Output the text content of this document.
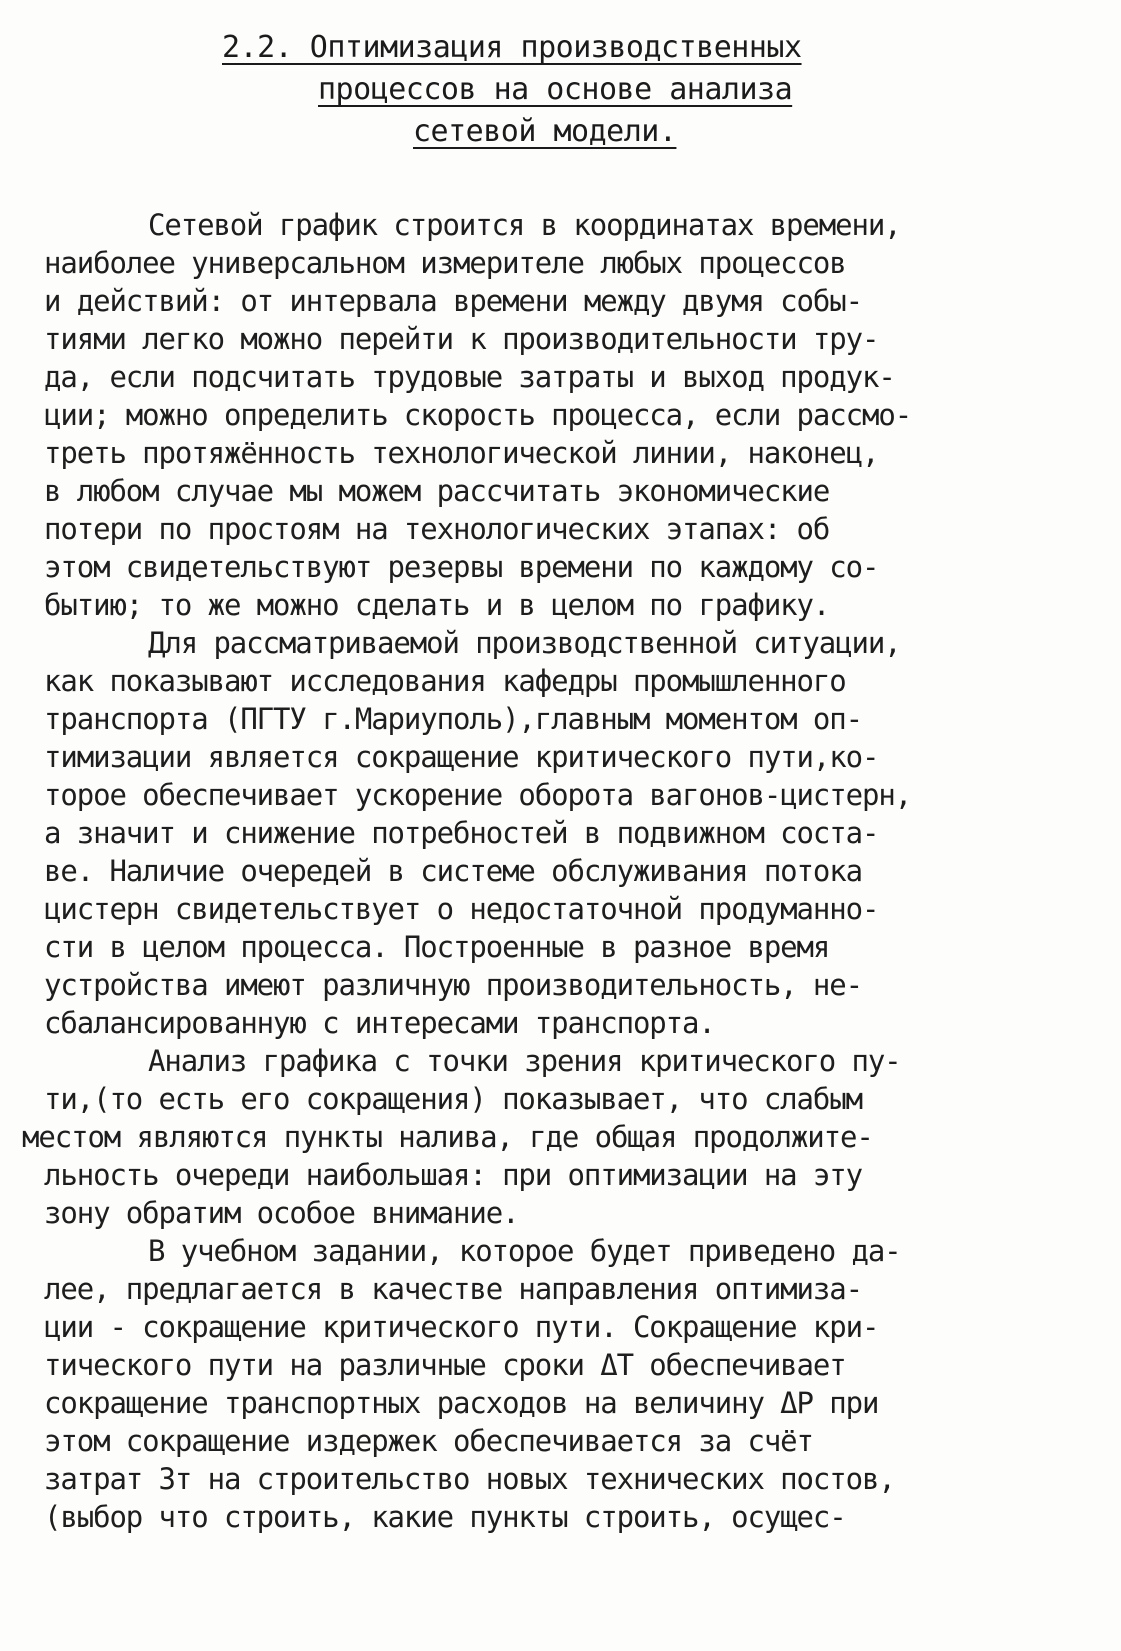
2.2. Оптимизация производственных
процессов на основе анализа
сетевой модели.
Сетевой график строится в координатах времени,
наиболее универсальном измерителе любых процессов
и действий: от интервала времени между двумя собы-
тиями легко можно перейти к производительности тру-
да, если подсчитать трудовые затраты и выход продук-
ции; можно определить скорость процесса, если рассмо-
треть протяжённость технологической линии, наконец,
в любом случае мы можем рассчитать экономические
потери по простоям на технологических этапах: об
этом свидетельствуют резервы времени по каждому со-
бытию; то же можно сделать и в целом по графику.
Для рассматриваемой производственной ситуации,
как показывают исследования кафедры промышленного
транспорта (ПГТУ г.Мариуполь),главным моментом оп-
тимизации является сокращение критического пути,ко-
торое обеспечивает ускорение оборота вагонов-цистерн,
а значит и снижение потребностей в подвижном соста-
ве. Наличие очередей в системе обслуживания потока
цистерн свидетельствует о недостаточной продуманно-
сти в целом процесса. Построенные в разное время
устройства имеют различную производительность, не-
сбалансированную с интересами транспорта.
Анализ графика с точки зрения критического пу-
ти,(то есть его сокращения) показывает, что слабым
местом являются пункты налива, где общая продолжите-
льность очереди наибольшая: при оптимизации на эту
зону обратим особое внимание.
В учебном задании, которое будет приведено да-
лее, предлагается в качестве направления оптимиза-
ции - сокращение критического пути. Сокращение кри-
тического пути на различные сроки ΔТ обеспечивает
сокращение транспортных расходов на величину ΔР при
этом сокращение издержек обеспечивается за счёт
затрат Зт на строительство новых технических постов,
(выбор что строить, какие пункты строить, осущес-
